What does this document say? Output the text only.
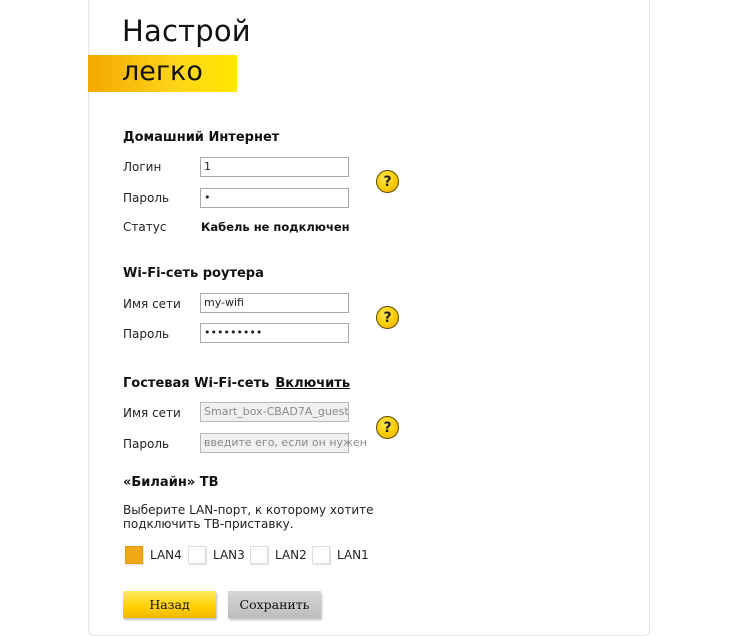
Настрой
легко
Домашний Интернет
Логин	1
Пароль	•
Статус	Кабель не подключен
?
Wi-Fi-сеть роутера
Имя сети	my-wifi
Пароль	•••••••••
?
Гостевая Wi-Fi-сеть Включить
Имя сети	Smart_box-CBAD7A_guest
Пароль	введите его, если он нужен
?
«Билайн» ТВ
Выберите LAN-порт, к которому хотите подключить ТВ-приставку.
LAN4	LAN3	LAN2	LAN1
Назад	Сохранить
